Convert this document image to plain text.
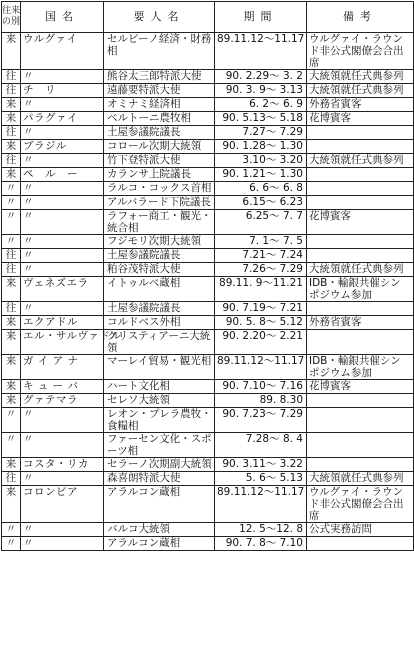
往来の別	国名	要人名	期間	備考
来	ウルグァイ	セルビーノ経済・財務相	89.11.12～11.17	ウルグァイ・ラウンド非公式閣僚会合出席
往	〃	熊谷太三郎特派大使	90. 2.29～ 3. 2	大統領就任式典参列
往	チ　リ	遠藤要特派大使	90. 3. 9～ 3.13	大統領就任式典参列
来	〃	オミナミ経済相	6. 2～ 6. 9	外務省賓客
来	パラグァイ	ベルトーニ農牧相	90. 5.13～ 5.18	花博賓客
往	〃	土屋参議院議長	7.27～ 7.29	
来	ブラジル	コロール次期大統領	90. 1.28～ 1.30	
往	〃	竹下登特派大使	3.10～ 3.20	大統領就任式典参列
来	ペ　ル　ー	カランサ上院議長	90. 1.21～ 1.30	
〃	〃	ラルコ・コックス首相	6. 6～ 6. 8	
〃	〃	アルバラード下院議長	6.15～ 6.23	
〃	〃	ラフォー商工・観光・統合相	6.25～ 7. 7	花博賓客
〃	〃	フジモリ次期大統領	7. 1～ 7. 5	
往	〃	土屋参議院議長	7.21～ 7.24	
往	〃	粕谷茂特派大使	7.26～ 7.29	大統領就任式典参列
来	ヴェネズエラ	イトゥルベ蔵相	89.11. 9～11.21	IDB・輸銀共催シンポジウム参加
往	〃	土屋参議院議長	90. 7.19～ 7.21	
来	エクアドル	コルドベス外相	90. 5. 8～ 5.12	外務省賓客
来	エル・サルヴァドル	クリスティアーニ大統領	90. 2.20～ 2.21	
来	ガ イ ア ナ	マーレイ貿易・観光相	89.11.12～11.17	IDB・輸銀共催シンポジウム参加
来	キ ュ ー バ	ハート文化相	90. 7.10～ 7.16	花博賓客
来	グァテマラ	セレソ大統領	89. 8.30	
〃	〃	レオン・プレラ農牧・食糧相	90. 7.23～ 7.29	
〃	〃	ファーセン文化・スポーツ相	7.28～ 8. 4	
来	コスタ・リカ	セラーノ次期副大統領	90. 3.11～ 3.22	
往	〃	森喜朗特派大使	5. 6～ 5.13	大統領就任式典参列
来	コロンビア	アラルコン蔵相	89.11.12～11.17	ウルグァイ・ラウンド非公式閣僚会合出席
〃	〃	バルコ大統領	12. 5～12. 8	公式実務訪問
〃	〃	アラルコン蔵相	90. 7. 8～ 7.10	
